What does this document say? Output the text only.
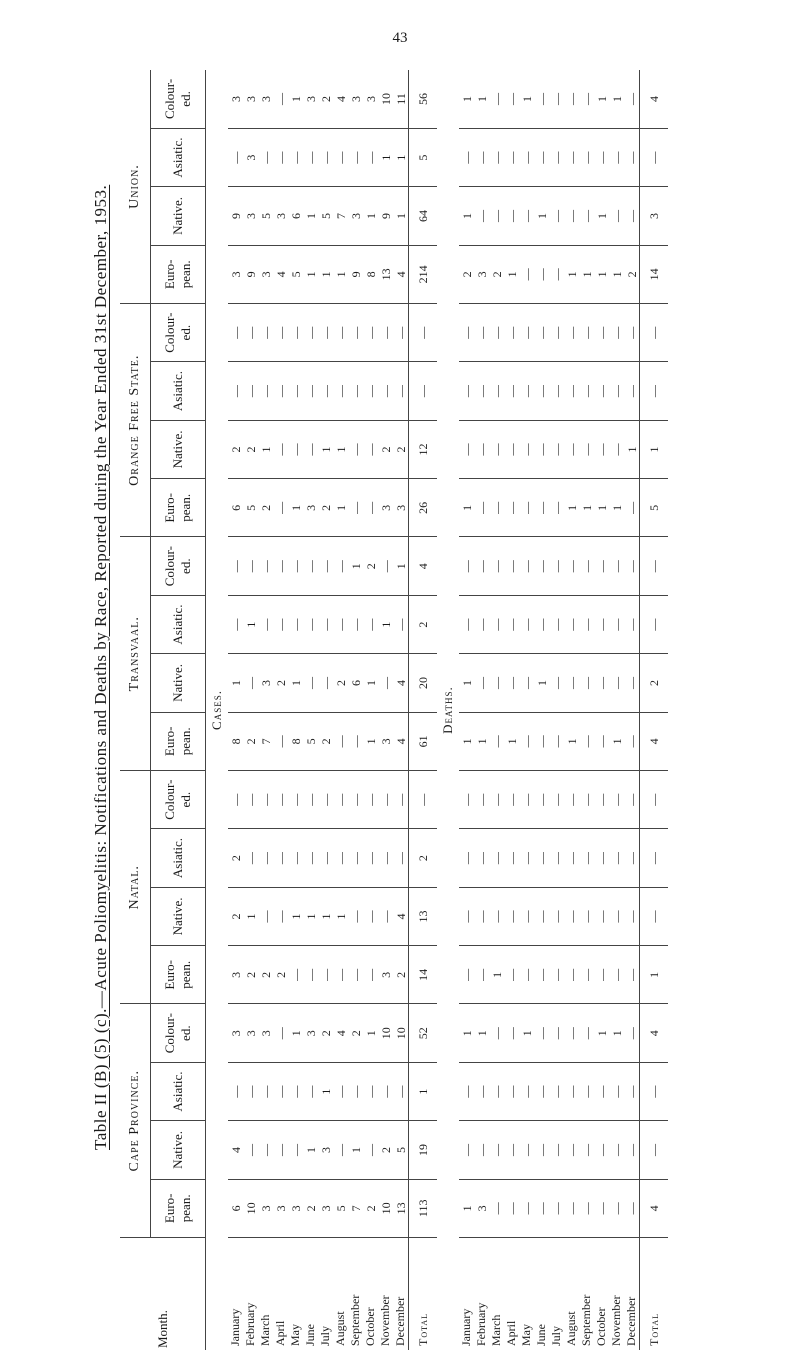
43
Table II (B) (5) (c).—Acute Poliomyelitis: Notifications and Deaths by Race, Reported during the Year Ended 31st December, 1953.
Month.	Cape Province.				Natal.				Transvaal.				Orange Free State.				Union.			
	Euro-pean.	Native.	Asiatic.	Colour-ed.	Euro-pean.	Native.	Asiatic.	Colour-ed.	Euro-pean.	Native.	Asiatic.	Colour-ed.	Euro-pean.	Native.	Asiatic.	Colour-ed.	Euro-pean.	Native.	Asiatic.	Colour-ed.
Cases.																				
January	6	4	—	3	3	2	2	—	8	1	—	—	6	2	—	—	3	9	—	3
February	10	—	—	3	2	1	—	—	2	—	1	—	5	2	—	—	9	3	3	3
March	3	—	—	3	2	—	—	—	7	3	—	—	2	1	—	—	3	5	—	3
April	3	—	—	—	2	—	—	—	—	2	—	—	—	—	—	—	4	3	—	—
May	3	—	—	1	—	1	—	—	8	1	—	—	1	—	—	—	5	6	—	1
June	2	1	—	3	—	1	—	—	5	—	—	—	3	—	—	—	1	1	—	3
July	3	3	1	2	—	1	—	—	2	—	—	—	2	1	—	—	1	5	—	2
August	5	—	—	4	—	1	—	—	—	2	—	—	1	1	—	—	1	7	—	4
September	7	1	—	2	—	—	—	—	—	6	—	1	—	—	—	—	9	3	—	3
October	2	—	—	1	—	—	—	—	1	1	—	2	—	—	—	—	8	1	—	3
November	10	2	—	10	3	—	—	—	3	—	1	—	3	2	—	—	13	9	1	10
December	13	5	—	10	2	4	—	—	4	4	—	1	3	2	—	—	4	1	1	11
Total	113	19	1	52	14	13	2	—	61	20	2	4	26	12	—	—	214	64	5	56
Deaths.																				
January	1	—	—	1	—	—	—	—	1	1	—	—	1	—	—	—	2	1	—	1
February	3	—	—	1	—	—	—	—	1	—	—	—	—	—	—	—	3	—	—	1
March	—	—	—	—	1	—	—	—	—	—	—	—	—	—	—	—	2	—	—	—
April	—	—	—	—	—	—	—	—	1	—	—	—	—	—	—	—	1	—	—	—
May	—	—	—	1	—	—	—	—	—	—	—	—	—	—	—	—	—	—	—	1
June	—	—	—	—	—	—	—	—	—	1	—	—	—	—	—	—	—	1	—	—
July	—	—	—	—	—	—	—	—	—	—	—	—	—	—	—	—	—	—	—	—
August	—	—	—	—	—	—	—	—	1	—	—	—	1	—	—	—	1	—	—	—
September	—	—	—	—	—	—	—	—	—	—	—	—	1	—	—	—	1	—	—	—
October	—	—	—	1	—	—	—	—	—	—	—	—	1	—	—	—	1	1	—	1
November	—	—	—	1	—	—	—	—	1	—	—	—	1	—	—	—	1	—	—	1
December	—	—	—	—	—	—	—	—	—	—	—	—	—	1	—	—	2	—	—	—
Total	4	—	—	4	1	—	—	—	4	2	—	—	5	1	—	—	14	3	—	4
